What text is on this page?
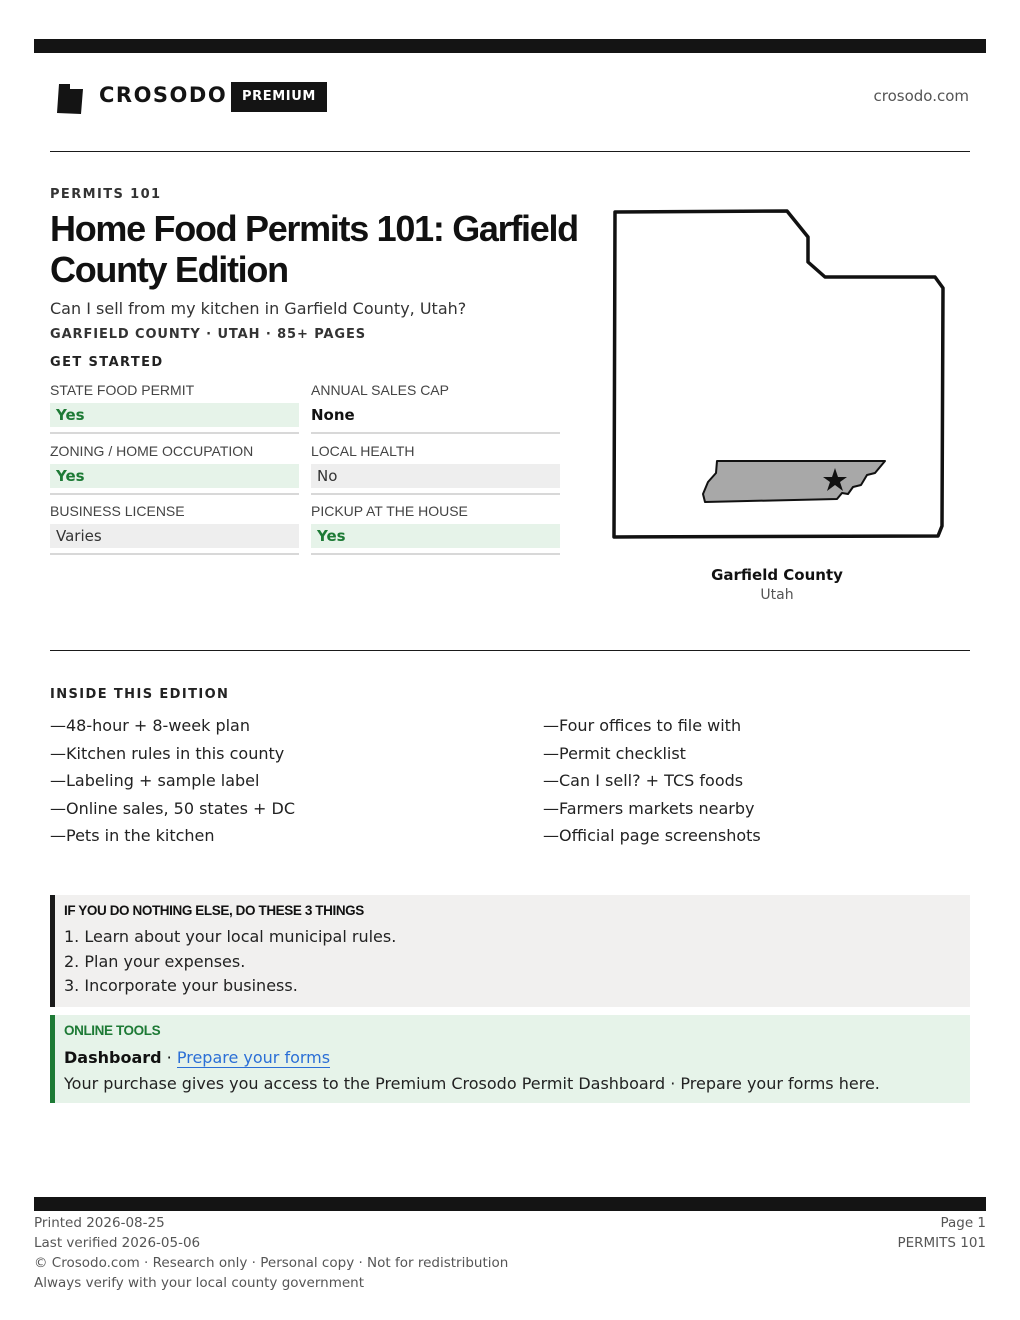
CROSODO	PREMIUM	crosodo.com
PERMITS 101
Home Food Permits 101: Garfield County Edition
Can I sell from my kitchen in Garfield County, Utah?
GARFIELD COUNTY · UTAH · 85+ PAGES
GET STARTED
STATE FOOD PERMIT
Yes
ANNUAL SALES CAP
None
ZONING / HOME OCCUPATION
Yes
LOCAL HEALTH
No
BUSINESS LICENSE
Varies
PICKUP AT THE HOUSE
Yes
Garfield County
Utah
INSIDE THIS EDITION
—48-hour + 8-week plan
—Kitchen rules in this county
—Labeling + sample label
—Online sales, 50 states + DC
—Pets in the kitchen
—Four offices to file with
—Permit checklist
—Can I sell? + TCS foods
—Farmers markets nearby
—Official page screenshots
IF YOU DO NOTHING ELSE, DO THESE 3 THINGS
1. Learn about your local municipal rules.
2. Plan your expenses.
3. Incorporate your business.
ONLINE TOOLS
Dashboard · Prepare your forms
Your purchase gives you access to the Premium Crosodo Permit Dashboard · Prepare your forms here.
Printed 2026-08-25
Last verified 2026-05-06
© Crosodo.com · Research only · Personal copy · Not for redistribution
Always verify with your local county government
Page 1
PERMITS 101
